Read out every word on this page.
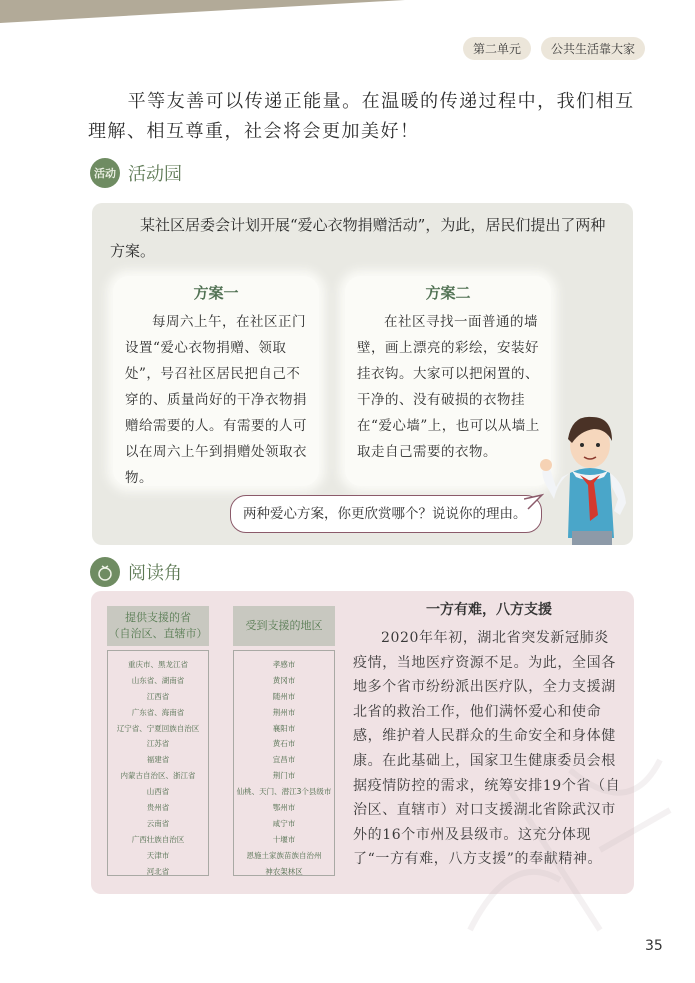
第二单元	公共生活靠大家

平等友善可以传递正能量。在温暖的传递过程中，我们相互理解、相互尊重，社会将会更加美好！

活动 活动园

某社区居委会计划开展“爱心衣物捐赠活动”，为此，居民们提出了两种方案。

方案一

每周六上午，在社区正门设置“爱心衣物捐赠、领取处”，号召社区居民把自己不穿的、质量尚好的干净衣物捐赠给需要的人。有需要的人可以在周六上午到捐赠处领取衣物。

方案二

在社区寻找一面普通的墙壁，画上漂亮的彩绘，安装好挂衣钩。大家可以把闲置的、干净的、没有破损的衣物挂在“爱心墙”上，也可以从墙上取走自己需要的衣物。

两种爱心方案，你更欣赏哪个？说说你的理由。
阅读角
提供支援的省
（自治区、直辖市）
重庆市、黑龙江省
山东省、湖南省
江西省
广东省、海南省
辽宁省、宁夏回族自治区
江苏省
福建省
内蒙古自治区、浙江省
山西省
贵州省
云南省
广西壮族自治区
天津市
河北省
受到支援的地区
孝感市
黄冈市
随州市
荆州市
襄阳市
黄石市
宜昌市
荆门市
仙桃、天门、潜江3个县级市
鄂州市
咸宁市
十堰市
恩施土家族苗族自治州
神农架林区
一方有难，八方支援

2020年年初，湖北省突发新冠肺炎疫情，当地医疗资源不足。为此，全国各地多个省市纷纷派出医疗队，全力支援湖北省的救治工作，他们满怀爱心和使命感，维护着人民群众的生命安全和身体健康。在此基础上，国家卫生健康委员会根据疫情防控的需求，统筹安排19个省（自治区、直辖市）对口支援湖北省除武汉市外的16个市州及县级市。这充分体现了“一方有难，八方支援”的奉献精神。

35
